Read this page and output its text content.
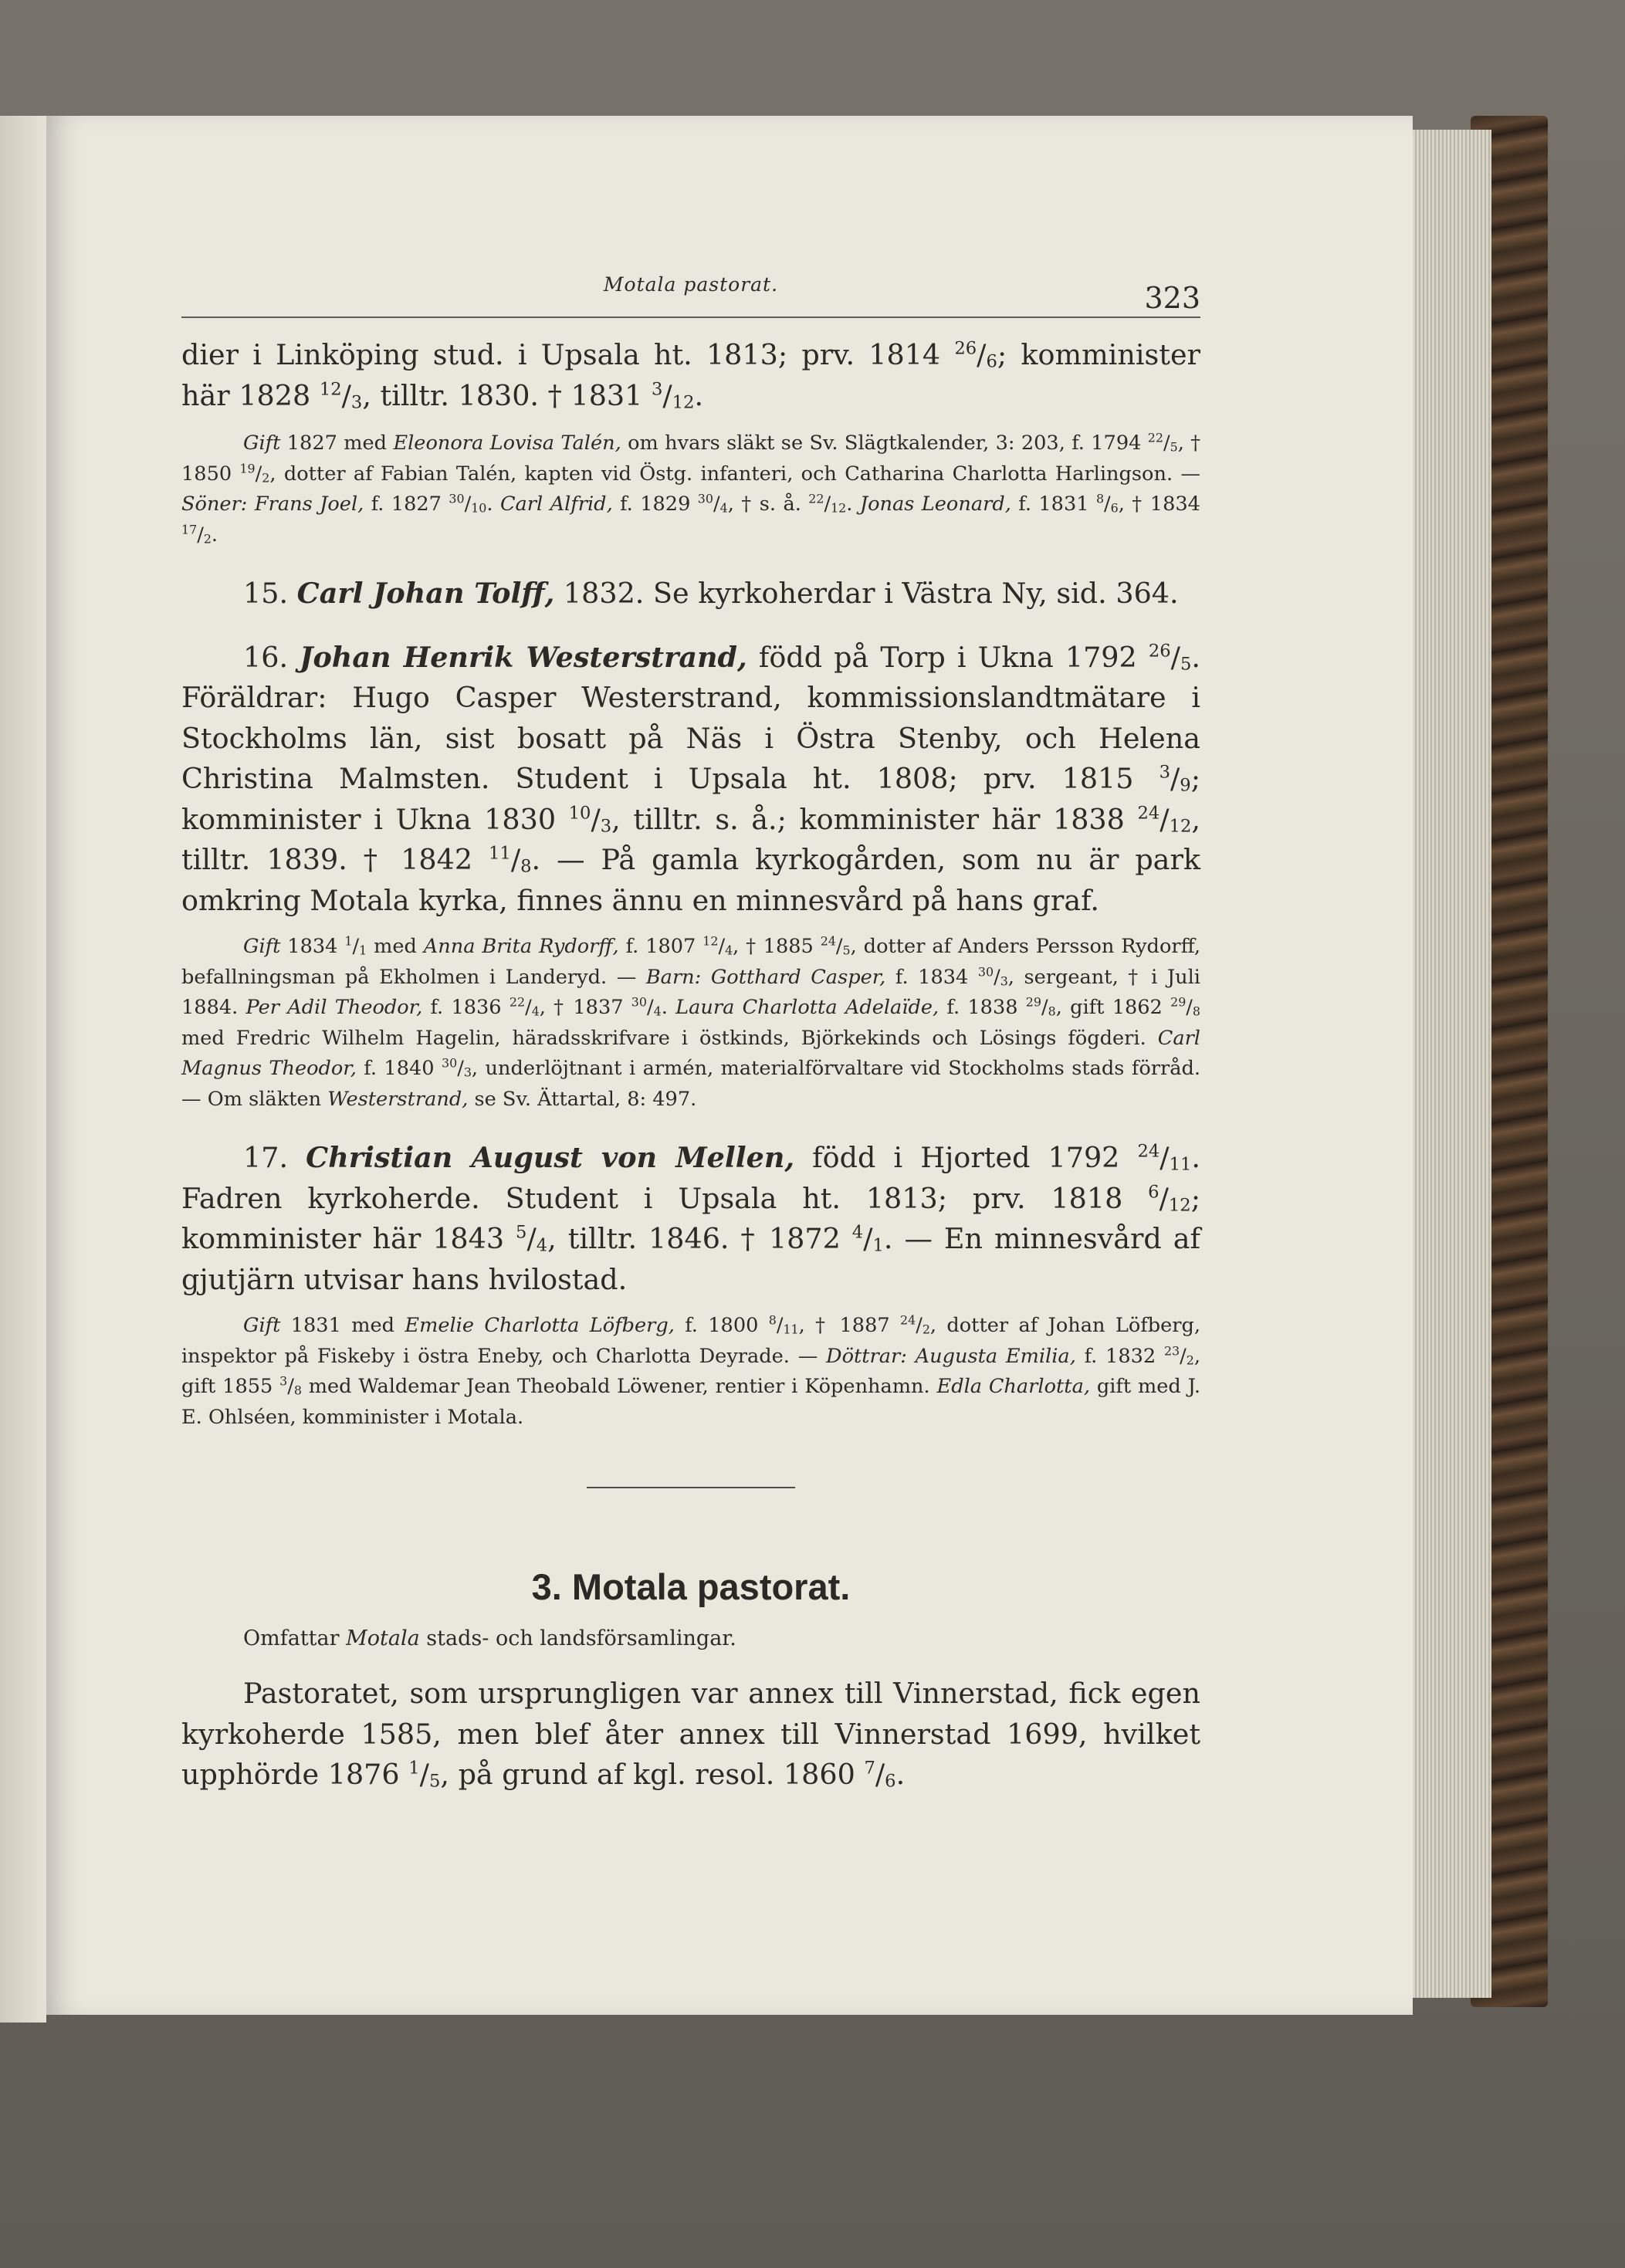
Motala pastorat.	323

dier i Linköping stud. i Upsala ht. 1813; prv. 1814 $^{26}/_6$; komminister här 1828 $^{12}/_3$, tilltr. 1830. † 1831 $^3/_{12}$.

Gift 1827 med Eleonora Lovisa Talén, om hvars släkt se Sv. Slägtkalender, 3: 203, f. 1794 $^{22}/_5$, † 1850 $^{19}/_2$, dotter af Fabian Talén, kapten vid Östg. infanteri, och Catharina Charlotta Harlingson. — Söner: Frans Joel, f. 1827 $^{30}/_{10}$. Carl Alfrid, f. 1829 $^{30}/_4$, † s. å. $^{22}/_{12}$. Jonas Leonard, f. 1831 $^8/_6$, † 1834 $^{17}/_2$.

15. Carl Johan Tolff, 1832. Se kyrkoherdar i Västra Ny, sid. 364.

16. Johan Henrik Westerstrand, född på Torp i Ukna 1792 $^{26}/_5$. Föräldrar: Hugo Casper Westerstrand, kommissionslandtmätare i Stockholms län, sist bosatt på Näs i Östra Stenby, och Helena Christina Malmsten. Student i Upsala ht. 1808; prv. 1815 $^3/_9$; komminister i Ukna 1830 $^{10}/_3$, tilltr. s. å.; komminister här 1838 $^{24}/_{12}$, tilltr. 1839. † 1842 $^{11}/_8$. — På gamla kyrkogården, som nu är park omkring Motala kyrka, finnes ännu en minnesvård på hans graf.

Gift 1834 $^1/_1$ med Anna Brita Rydorff, f. 1807 $^{12}/_4$, † 1885 $^{24}/_5$, dotter af Anders Persson Rydorff, befallningsman på Ekholmen i Landeryd. — Barn: Gotthard Casper, f. 1834 $^{30}/_3$, sergeant, † i Juli 1884. Per Adil Theodor, f. 1836 $^{22}/_4$, † 1837 $^{30}/_4$. Laura Charlotta Adelaïde, f. 1838 $^{29}/_8$, gift 1862 $^{29}/_8$ med Fredric Wilhelm Hagelin, häradsskrifvare i östkinds, Björkekinds och Lösings fögderi. Carl Magnus Theodor, f. 1840 $^{30}/_3$, underlöjtnant i armén, materialförvaltare vid Stockholms stads förråd. — Om släkten Westerstrand, se Sv. Ättartal, 8: 497.

17. Christian August von Mellen, född i Hjorted 1792 $^{24}/_{11}$. Fadren kyrkoherde. Student i Upsala ht. 1813; prv. 1818 $^6/_{12}$; komminister här 1843 $^5/_4$, tilltr. 1846. † 1872 $^4/_1$. — En minnesvård af gjutjärn utvisar hans hvilostad.

Gift 1831 med Emelie Charlotta Löfberg, f. 1800 $^8/_{11}$, † 1887 $^{24}/_2$, dotter af Johan Löfberg, inspektor på Fiskeby i östra Eneby, och Charlotta Deyrade. — Döttrar: Augusta Emilia, f. 1832 $^{23}/_2$, gift 1855 $^3/_8$ med Waldemar Jean Theobald Löwener, rentier i Köpenhamn. Edla Charlotta, gift med J. E. Ohlséen, komminister i Motala.

3. Motala pastorat.

Omfattar Motala stads- och landsförsamlingar.

Pastoratet, som ursprungligen var annex till Vinnerstad, fick egen kyrkoherde 1585, men blef åter annex till Vinnerstad 1699, hvilket upphörde 1876 $^1/_5$, på grund af kgl. resol. 1860 $^7/_6$.
